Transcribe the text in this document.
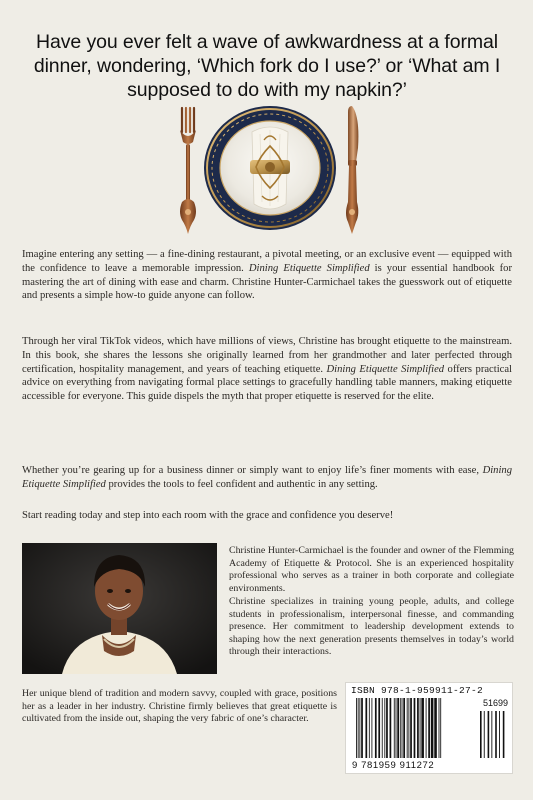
Have you ever felt a wave of awkwardness at a formal dinner, wondering, ‘Which fork do I use?’ or ‘What am I supposed to do with my napkin?’

Imagine entering any setting — a fine-dining restaurant, a pivotal meeting, or an exclusive event — equipped with the confidence to leave a memorable impression. Dining Etiquette Simplified is your essential handbook for mastering the art of dining with ease and charm. Christine Hunter-Carmichael takes the guesswork out of etiquette and presents a simple how-to guide anyone can follow.

Through her viral TikTok videos, which have millions of views, Christine has brought etiquette to the mainstream. In this book, she shares the lessons she originally learned from her grandmother and later perfected through certification, hospitality management, and years of teaching etiquette. Dining Etiquette Simplified offers practical advice on everything from navigating formal place settings to gracefully handling table manners, making etiquette accessible for everyone. This guide dispels the myth that proper etiquette is reserved for the elite.

Whether you’re gearing up for a business dinner or simply want to enjoy life’s finer moments with ease, Dining Etiquette Simplified provides the tools to feel confident and authentic in any setting.

Start reading today and step into each room with the grace and confidence you deserve!

Christine Hunter-Carmichael is the founder and owner of the Flemming Academy of Etiquette & Protocol. She is an experienced hospitality professional who serves as a trainer in both corporate and collegiate environments.

Christine specializes in training young people, adults, and college students in professionalism, interpersonal finesse, and commanding presence. Her commitment to leadership development extends to shaping how the next generation presents themselves in today’s world through their interactions.

Her unique blend of tradition and modern savvy, coupled with grace, positions her as a leader in her industry. Christine firmly believes that great etiquette is cultivated from the inside out, shaping the very fabric of one’s character.

ISBN 978-1-959911-27-2
51699
9 781959 911272
